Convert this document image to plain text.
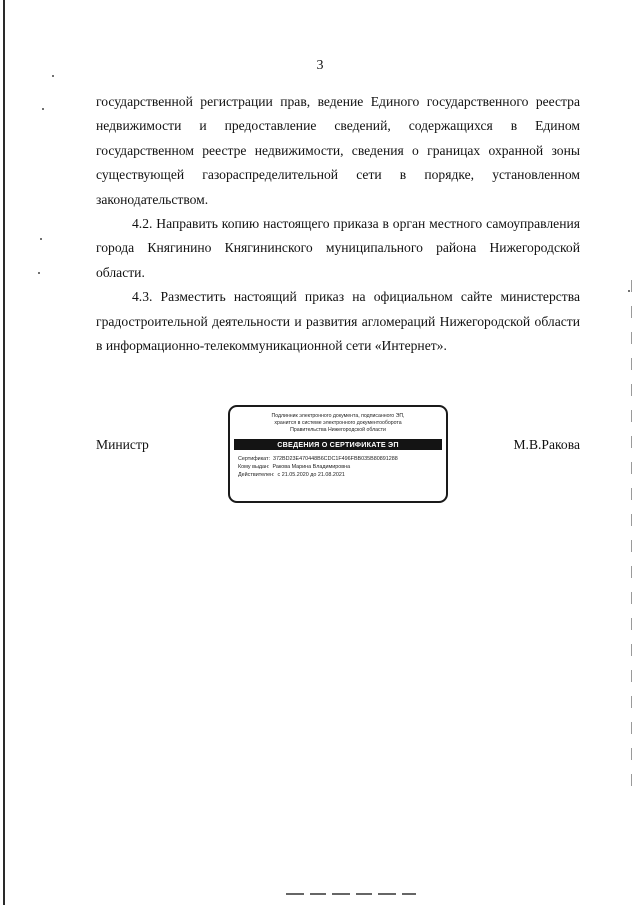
3

государственной регистрации прав, ведение Единого государственного реестра недвижимости и предоставление сведений, содержащихся в Едином государственном реестре недвижимости, сведения о границах охранной зоны существующей газораспределительной сети в порядке, установленном законодательством.

4.2. Направить копию настоящего приказа в орган местного самоуправления города Княгинино Княгининского муниципального района Нижегородской области.

4.3. Разместить настоящий приказ на официальном сайте министерства градостроительной деятельности и развития агломераций Нижегородской области в информационно-телекоммуникационной сети «Интернет».

Министр	М.В.Ракова
Подлинник электронного документа, подписанного ЭП,
хранится в системе электронного документооборота
Правительства Нижегородской области
СВЕДЕНИЯ О СЕРТИФИКАТЕ ЭП
Сертификат: 372BD23E470448B6CDC1F496FBB035B80891288
Кому выдан: Ракова Марина Владимировна
Действителен: с 21.05.2020 до 21.08.2021
